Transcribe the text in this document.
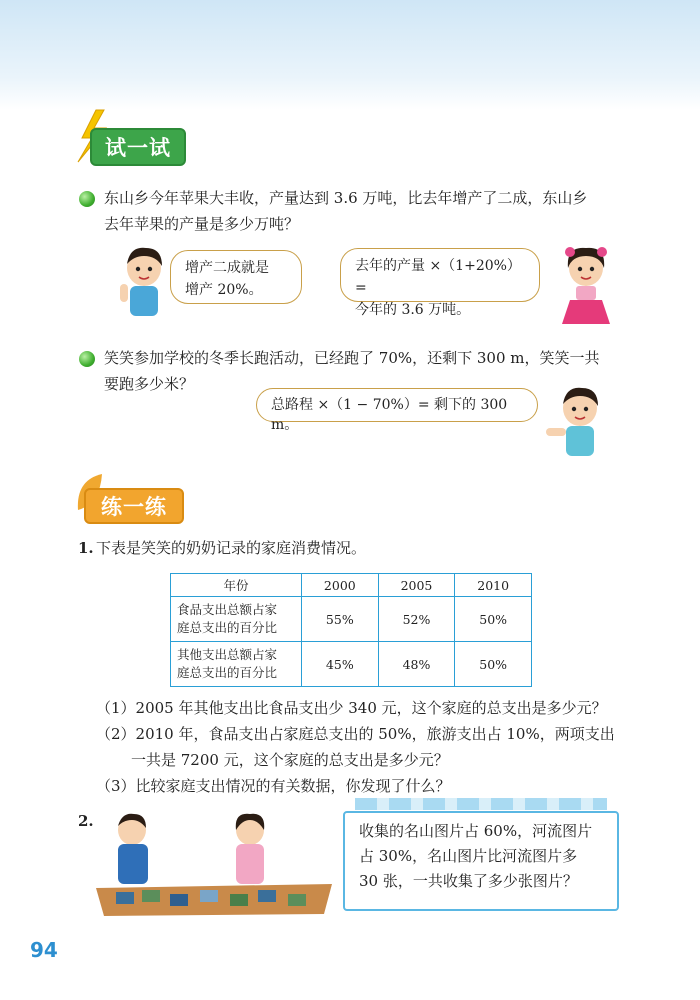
试一试
东山乡今年苹果大丰收，产量达到 3.6 万吨，比去年增产了二成，东山乡
去年苹果的产量是多少万吨？
增产二成就是
增产 20%。
去年的产量 ×（1+20%）=
今年的 3.6 万吨。
笑笑参加学校的冬季长跑活动，已经跑了 70%，还剩下 300 m，笑笑一共
要跑多少米？
总路程 ×（1 − 70%）= 剩下的 300 m。
练一练
1. 下表是笑笑的奶奶记录的家庭消费情况。
年份	2000	2005	2010

食品支出总额占家
庭总支出的百分比	55%	52%	50%

其他支出总额占家
庭总支出的百分比	45%	48%	50%
（1）2005 年其他支出比食品支出少 340 元，这个家庭的总支出是多少元？
（2）2010 年，食品支出占家庭总支出的 50%，旅游支出占 10%，两项支出
一共是 7200 元，这个家庭的总支出是多少元？
（3）比较家庭支出情况的有关数据，你发现了什么？
2.
收集的名山图片占 60%，河流图片
占 30%，名山图片比河流图片多
30 张，一共收集了多少张图片？
94
